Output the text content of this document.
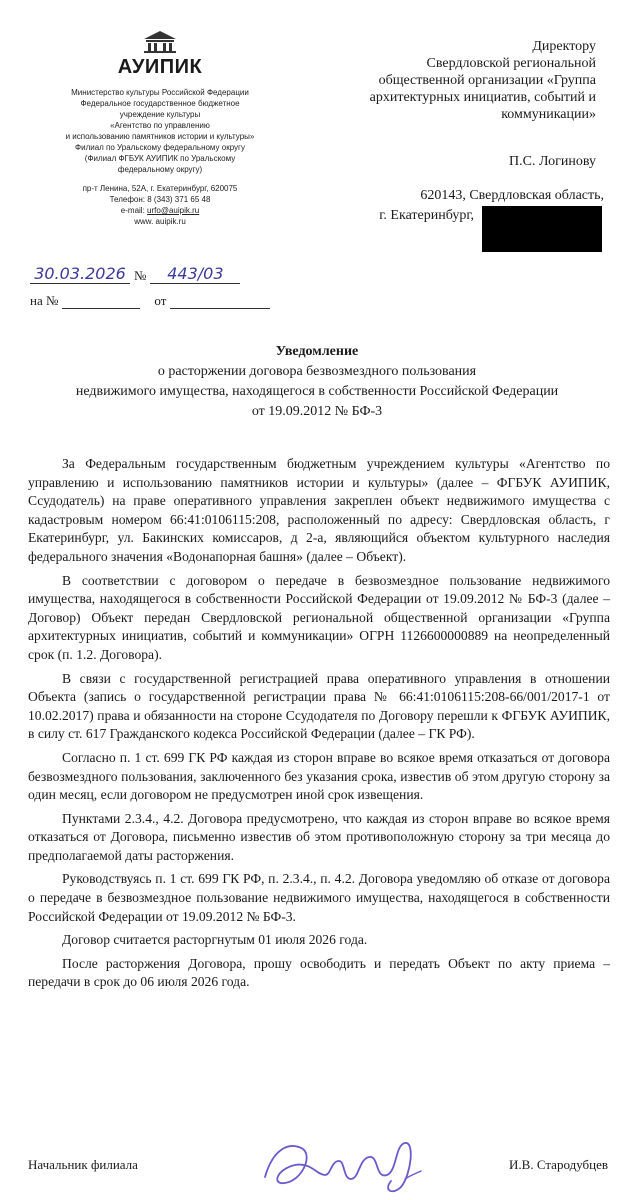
АУИПИК
Министерство культуры Российской Федерации
Федеральное государственное бюджетное
учреждение культуры
«Агентство по управлению
и использованию памятников истории и культуры»
Филиал по Уральскому федеральному округу
(Филиал ФГБУК АУИПИК по Уральскому
федеральному округу)
пр-т Ленина, 52А, г. Екатеринбург, 620075
Телефон: 8 (343) 371 65 48
e-mail: urfo@auipik.ru
www. auipik.ru
Директору
Свердловской региональной
общественной организации «Группа
архитектурных инициатив, событий и
коммуникации»
П.С. Логинову
620143, Свердловская область,
г. Екатеринбург,
30.03.2026 №	443/03
на №
	от

Уведомление
о расторжении договора безвозмездного пользования
недвижимого имущества, находящегося в собственности Российской Федерации
от 19.09.2012 № БФ-3

За Федеральным государственным бюджетным учреждением культуры «Агентство по управлению и использованию памятников истории и культуры» (далее – ФГБУК АУИПИК, Ссудодатель) на праве оперативного управления закреплен объект недвижимого имущества с кадастровым номером 66:41:0106115:208, расположенный по адресу: Свердловская область, г Екатеринбург, ул. Бакинских комиссаров, д 2-а, являющийся объектом культурного наследия федерального значения «Водонапорная башня» (далее – Объект).

В соответствии с договором о передаче в безвозмездное пользование недвижимого имущества, находящегося в собственности Российской Федерации от 19.09.2012 № БФ-3 (далее – Договор) Объект передан Свердловской региональной общественной организации «Группа архитектурных инициатив, событий и коммуникации» ОГРН 1126600000889 на неопределенный срок (п. 1.2. Договора).

В связи с государственной регистрацией права оперативного управления в отношении Объекта (запись о государственной регистрации права № 66:41:0106115:208-66/001/2017-1 от 10.02.2017) права и обязанности на стороне Ссудодателя по Договору перешли к ФГБУК АУИПИК, в силу ст. 617 Гражданского кодекса Российской Федерации (далее – ГК РФ).

Согласно п. 1 ст. 699 ГК РФ каждая из сторон вправе во всякое время отказаться от договора безвозмездного пользования, заключенного без указания срока, известив об этом другую сторону за один месяц, если договором не предусмотрен иной срок извещения.

Пунктами 2.3.4., 4.2. Договора предусмотрено, что каждая из сторон вправе во всякое время отказаться от Договора, письменно известив об этом противоположную сторону за три месяца до предполагаемой даты расторжения.

Руководствуясь п. 1 ст. 699 ГК РФ, п. 2.3.4., п. 4.2. Договора уведомляю об отказе от договора о передаче в безвозмездное пользование недвижимого имущества, находящегося в собственности Российской Федерации от 19.09.2012 № БФ-3.

Договор считается расторгнутым 01 июля 2026 года.

После расторжения Договора, прошу освободить и передать Объект по акту приема – передачи в срок до 06 июля 2026 года.

Начальник филиала	И.В. Стародубцев
